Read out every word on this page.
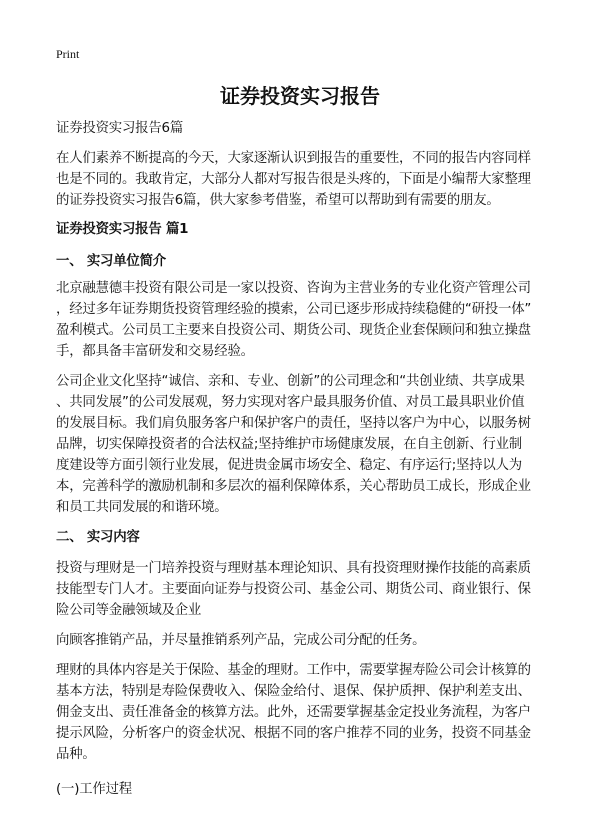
Print
证券投资实习报告
证券投资实习报告6篇
在人们素养不断提高的今天，大家逐渐认识到报告的重要性，不同的报告内容同样
也是不同的。我敢肯定，大部分人都对写报告很是头疼的，下面是小编帮大家整理
的证券投资实习报告6篇，供大家参考借鉴，希望可以帮助到有需要的朋友。
证券投资实习报告 篇1
一、 实习单位简介
北京融慧德丰投资有限公司是一家以投资、咨询为主营业务的专业化资产管理公司
，经过多年证券期货投资管理经验的摸索，公司已逐步形成持续稳健的“研投一体”
盈利模式。公司员工主要来自投资公司、期货公司、现货企业套保顾问和独立操盘
手，都具备丰富研发和交易经验。
公司企业文化坚持“诚信、亲和、专业、创新”的公司理念和“共创业绩、共享成果
、共同发展”的公司发展观，努力实现对客户最具服务价值、对员工最具职业价值
的发展目标。我们肩负服务客户和保护客户的责任，坚持以客户为中心，以服务树
品牌，切实保障投资者的合法权益;坚持维护市场健康发展，在自主创新、行业制
度建设等方面引领行业发展，促进贵金属市场安全、稳定、有序运行;坚持以人为
本，完善科学的激励机制和多层次的福利保障体系，关心帮助员工成长，形成企业
和员工共同发展的和谐环境。
二、 实习内容
投资与理财是一门培养投资与理财基本理论知识、具有投资理财操作技能的高素质
技能型专门人才。主要面向证券与投资公司、基金公司、期货公司、商业银行、保
险公司等金融领域及企业
向顾客推销产品，并尽量推销系列产品，完成公司分配的任务。
理财的具体内容是关于保险、基金的理财。工作中，需要掌握寿险公司会计核算的
基本方法，特别是寿险保费收入、保险金给付、退保、保护质押、保护利差支出、
佣金支出、责任准备金的核算方法。此外，还需要掌握基金定投业务流程，为客户
提示风险，分析客户的资金状况、根据不同的客户推荐不同的业务，投资不同基金
品种。
(一)工作过程
